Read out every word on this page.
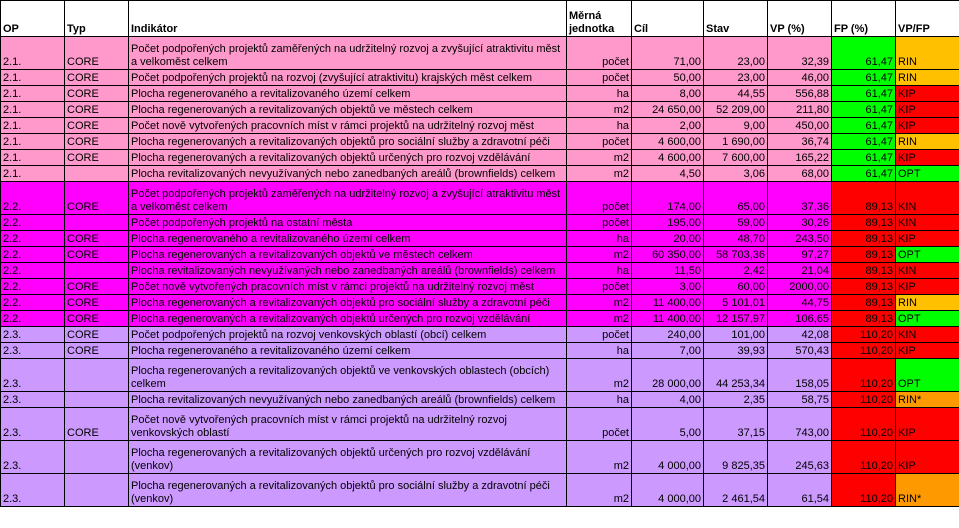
OP	Typ	Indikátor	Měrná jednotka	Cíl	Stav	VP (%)	FP (%)	VP/FP
2.1.	CORE	Počet podpořených projektů zaměřených na udržitelný rozvoj a zvyšující atraktivitu měst a velkoměst celkem	počet	71,00	23,00	32,39	61,47	RIN
2.1.	CORE	Počet podpořených projektů na rozvoj (zvyšující atraktivitu) krajských měst celkem	počet	50,00	23,00	46,00	61,47	RIN
2.1.	CORE	Plocha regenerovaného a revitalizovaného území celkem	ha	8,00	44,55	556,88	61,47	KIP
2.1.	CORE	Plocha regenerovaných a revitalizovaných objektů ve městech celkem	m2	24 650,00	52 209,00	211,80	61,47	KIP
2.1.	CORE	Počet nově vytvořených pracovních míst v rámci projektů na udržitelný rozvoj měst	ha	2,00	9,00	450,00	61,47	KIP
2.1.	CORE	Plocha regenerovaných a revitalizovaných objektů pro sociální služby a zdravotní péči	počet	4 600,00	1 690,00	36,74	61,47	RIN
2.1.	CORE	Plocha regenerovaných a revitalizovaných objektů určených pro rozvoj vzdělávání	m2	4 600,00	7 600,00	165,22	61,47	KIP
2.1.		Plocha revitalizovaných nevyužívaných nebo zanedbaných areálů (brownfields) celkem	m2	4,50	3,06	68,00	61,47	OPT
2.2.	CORE	Počet podpořených projektů zaměřených na udržitelný rozvoj a zvyšující atraktivitu měst a velkoměst celkem	počet	174,00	65,00	37,36	89,13	KIN
2.2.		Počet podpořených projektů na ostatní města	počet	195,00	59,00	30,26	89,13	KIN
2.2.	CORE	Plocha regenerovaného a revitalizovaného území celkem	ha	20,00	48,70	243,50	89,13	KIP
2.2.	CORE	Plocha regenerovaných a revitalizovaných objektů ve městech celkem	m2	60 350,00	58 703,36	97,27	89,13	OPT
2.2.		Plocha revitalizovaných nevyužívaných nebo zanedbaných areálů (brownfields) celkem	ha	11,50	2,42	21,04	89,13	KIN
2.2.	CORE	Počet nově vytvořených pracovních míst v rámci projektů na udržitelný rozvoj měst	počet	3,00	60,00	2000,00	89,13	KIP
2.2.	CORE	Plocha regenerovaných a revitalizovaných objektů pro sociální služby a zdravotní péči	m2	11 400,00	5 101,01	44,75	89,13	RIN
2.2.	CORE	Plocha regenerovaných a revitalizovaných objektů určených pro rozvoj vzdělávání	m2	11 400,00	12 157,97	106,65	89,13	OPT
2.3.	CORE	Počet podpořených projektů na rozvoj venkovských oblastí (obcí) celkem	počet	240,00	101,00	42,08	110,20	KIN
2.3.	CORE	Plocha regenerovaného a revitalizovaného území celkem	ha	7,00	39,93	570,43	110,20	KIP
2.3.		Plocha regenerovaných a revitalizovaných objektů ve venkovských oblastech (obcích) celkem	m2	28 000,00	44 253,34	158,05	110,20	OPT
2.3.		Plocha revitalizovaných nevyužívaných nebo zanedbaných areálů (brownfields) celkem	ha	4,00	2,35	58,75	110,20	RIN*
2.3.	CORE	Počet nově vytvořených pracovních míst v rámci projektů na udržitelný rozvoj venkovských oblastí	počet	5,00	37,15	743,00	110,20	KIP
2.3.		Plocha regenerovaných a revitalizovaných objektů určených pro rozvoj vzdělávání (venkov)	m2	4 000,00	9 825,35	245,63	110,20	KIP
2.3.		Plocha regenerovaných a revitalizovaných objektů pro sociální služby a zdravotní péči (venkov)	m2	4 000,00	2 461,54	61,54	110,20	RIN*
